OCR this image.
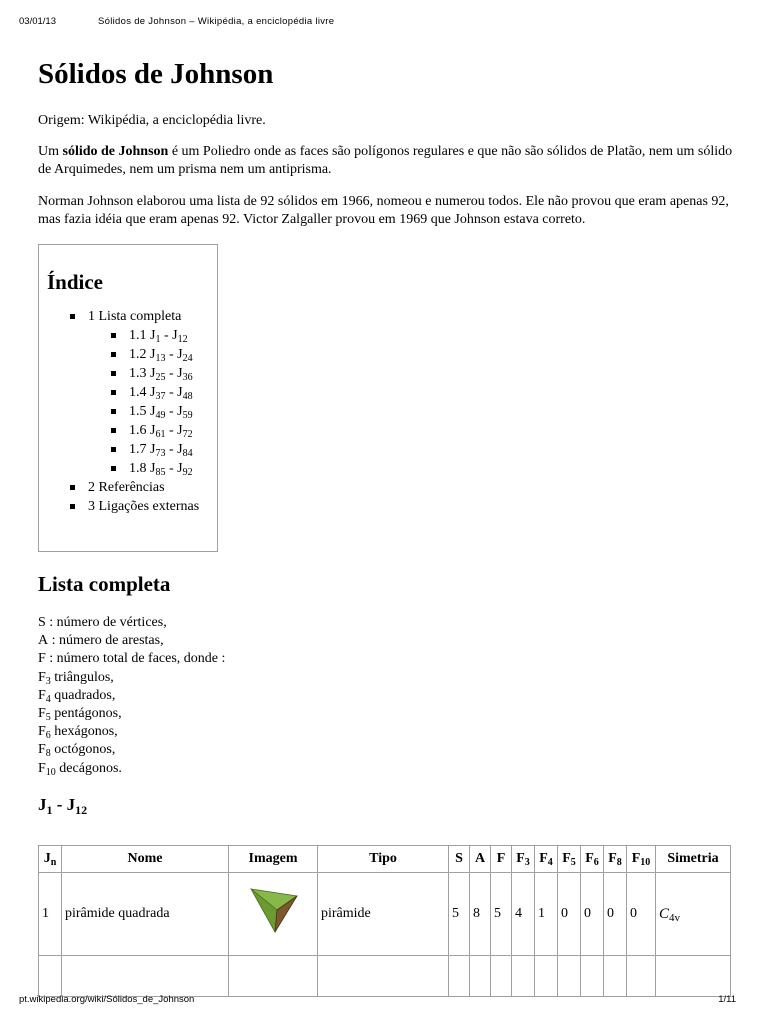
03/01/13	Sólidos de Johnson – Wikipédia, a enciclopédia livre
Sólidos de Johnson
Origem: Wikipédia, a enciclopédia livre.

Um sólido de Johnson é um Poliedro onde as faces são polígonos regulares e que não são sólidos de Platão, nem um sólido de Arquimedes, nem um prisma nem um antiprisma.

Norman Johnson elaborou uma lista de 92 sólidos em 1966, nomeou e numerou todos. Ele não provou que eram apenas 92, mas fazia idéia que eram apenas 92. Victor Zalgaller provou em 1969 que Johnson estava correto.

Índice
1 Lista completa
1.1 $J_1 - J_{12}$
1.2 $J_{13} - J_{24}$
1.3 $J_{25} - J_{36}$
1.4 $J_{37} - J_{48}$
1.5 $J_{49} - J_{59}$
1.6 $J_{61} - J_{72}$
1.7 $J_{73} - J_{84}$
1.8 $J_{85} - J_{92}$
2 Referências
3 Ligações externas
Lista completa
S : número de vértices,
A : número de arestas,
F : número total de faces, donde :
$F_3$ triângulos,
$F_4$ quadrados,
$F_5$ pentágonos,
$F_6$ hexágonos,
$F_8$ octógonos,
$F_{10}$ decágonos.
$J_1 - J_{12}$
$J_n$	Nome	Imagem	Tipo	S	A	F	$F_3$	$F_4$	$F_5$	$F_6$	$F_8$	$F_{10}$	Simetria
1	pirâmide quadrada		pirâmide	5	8	5	4	1	0	0	0	0	$C_{4v}$

pt.wikipedia.org/wiki/Sólidos_de_Johnson	1/11
